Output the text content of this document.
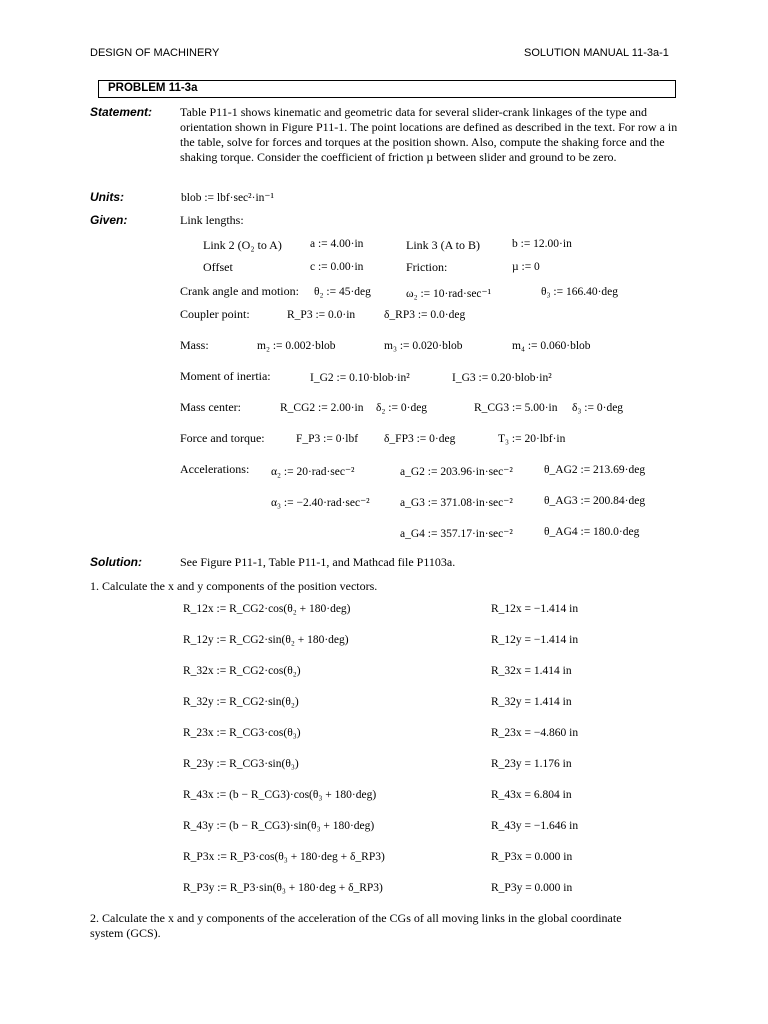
DESIGN OF MACHINERY	SOLUTION MANUAL 11-3a-1
PROBLEM 11-3a
Statement: Table P11-1 shows kinematic and geometric data for several slider-crank linkages of the type and orientation shown in Figure P11-1. The point locations are defined as described in the text. For row a in the table, solve for forces and torques at the position shown. Also, compute the shaking force and the shaking torque. Consider the coefficient of friction µ between slider and ground to be zero.
Units:	blob := lbf·sec²·in⁻¹
Given:	Link lengths:
Link 2 (O₂ to A) a := 4.00·in	Link 3 (A to B)	b := 12.00·in
Offset	c := 0.00·in	Friction:	µ := 0
Crank angle and motion: θ₂ := 45·deg	ω₂ := 10·rad·sec⁻¹	θ₃ := 166.40·deg
Coupler point:	R_P3 := 0.0·in	δ_RP3 := 0.0·deg
Mass:	m₂ := 0.002·blob	m₃ := 0.020·blob	m₄ := 0.060·blob
Moment of inertia:	I_G2 := 0.10·blob·in²	I_G3 := 0.20·blob·in²
Mass center:	R_CG2 := 2.00·in δ₂ := 0·deg	R_CG3 := 5.00·in δ₃ := 0·deg
Force and torque:	F_P3 := 0·lbf δ_FP3 := 0·deg	T₃ := 20·lbf·in
Accelerations: α₂ := 20·rad·sec⁻²	a_G2 := 203.96·in·sec⁻²	θ_AG2 := 213.69·deg
α₃ := −2.40·rad·sec⁻²	a_G3 := 371.08·in·sec⁻²	θ_AG3 := 200.84·deg
a_G4 := 357.17·in·sec⁻²	θ_AG4 := 180.0·deg
Solution:	See Figure P11-1, Table P11-1, and Mathcad file P1103a.
1. Calculate the x and y components of the position vectors.
R_12x := R_CG2·cos(θ₂ + 180·deg)	R_12x = −1.414 in
R_12y := R_CG2·sin(θ₂ + 180·deg)	R_12y = −1.414 in
R_32x := R_CG2·cos(θ₂)	R_32x = 1.414 in
R_32y := R_CG2·sin(θ₂)	R_32y = 1.414 in
R_23x := R_CG3·cos(θ₃)	R_23x = −4.860 in
R_23y := R_CG3·sin(θ₃)	R_23y = 1.176 in
R_43x := (b − R_CG3)·cos(θ₃ + 180·deg)	R_43x = 6.804 in
R_43y := (b − R_CG3)·sin(θ₃ + 180·deg)	R_43y = −1.646 in
R_P3x := R_P3·cos(θ₃ + 180·deg + δ_RP3)	R_P3x = 0.000 in
R_P3y := R_P3·sin(θ₃ + 180·deg + δ_RP3)	R_P3y = 0.000 in
2. Calculate the x and y components of the acceleration of the CGs of all moving links in the global coordinate system (GCS).
